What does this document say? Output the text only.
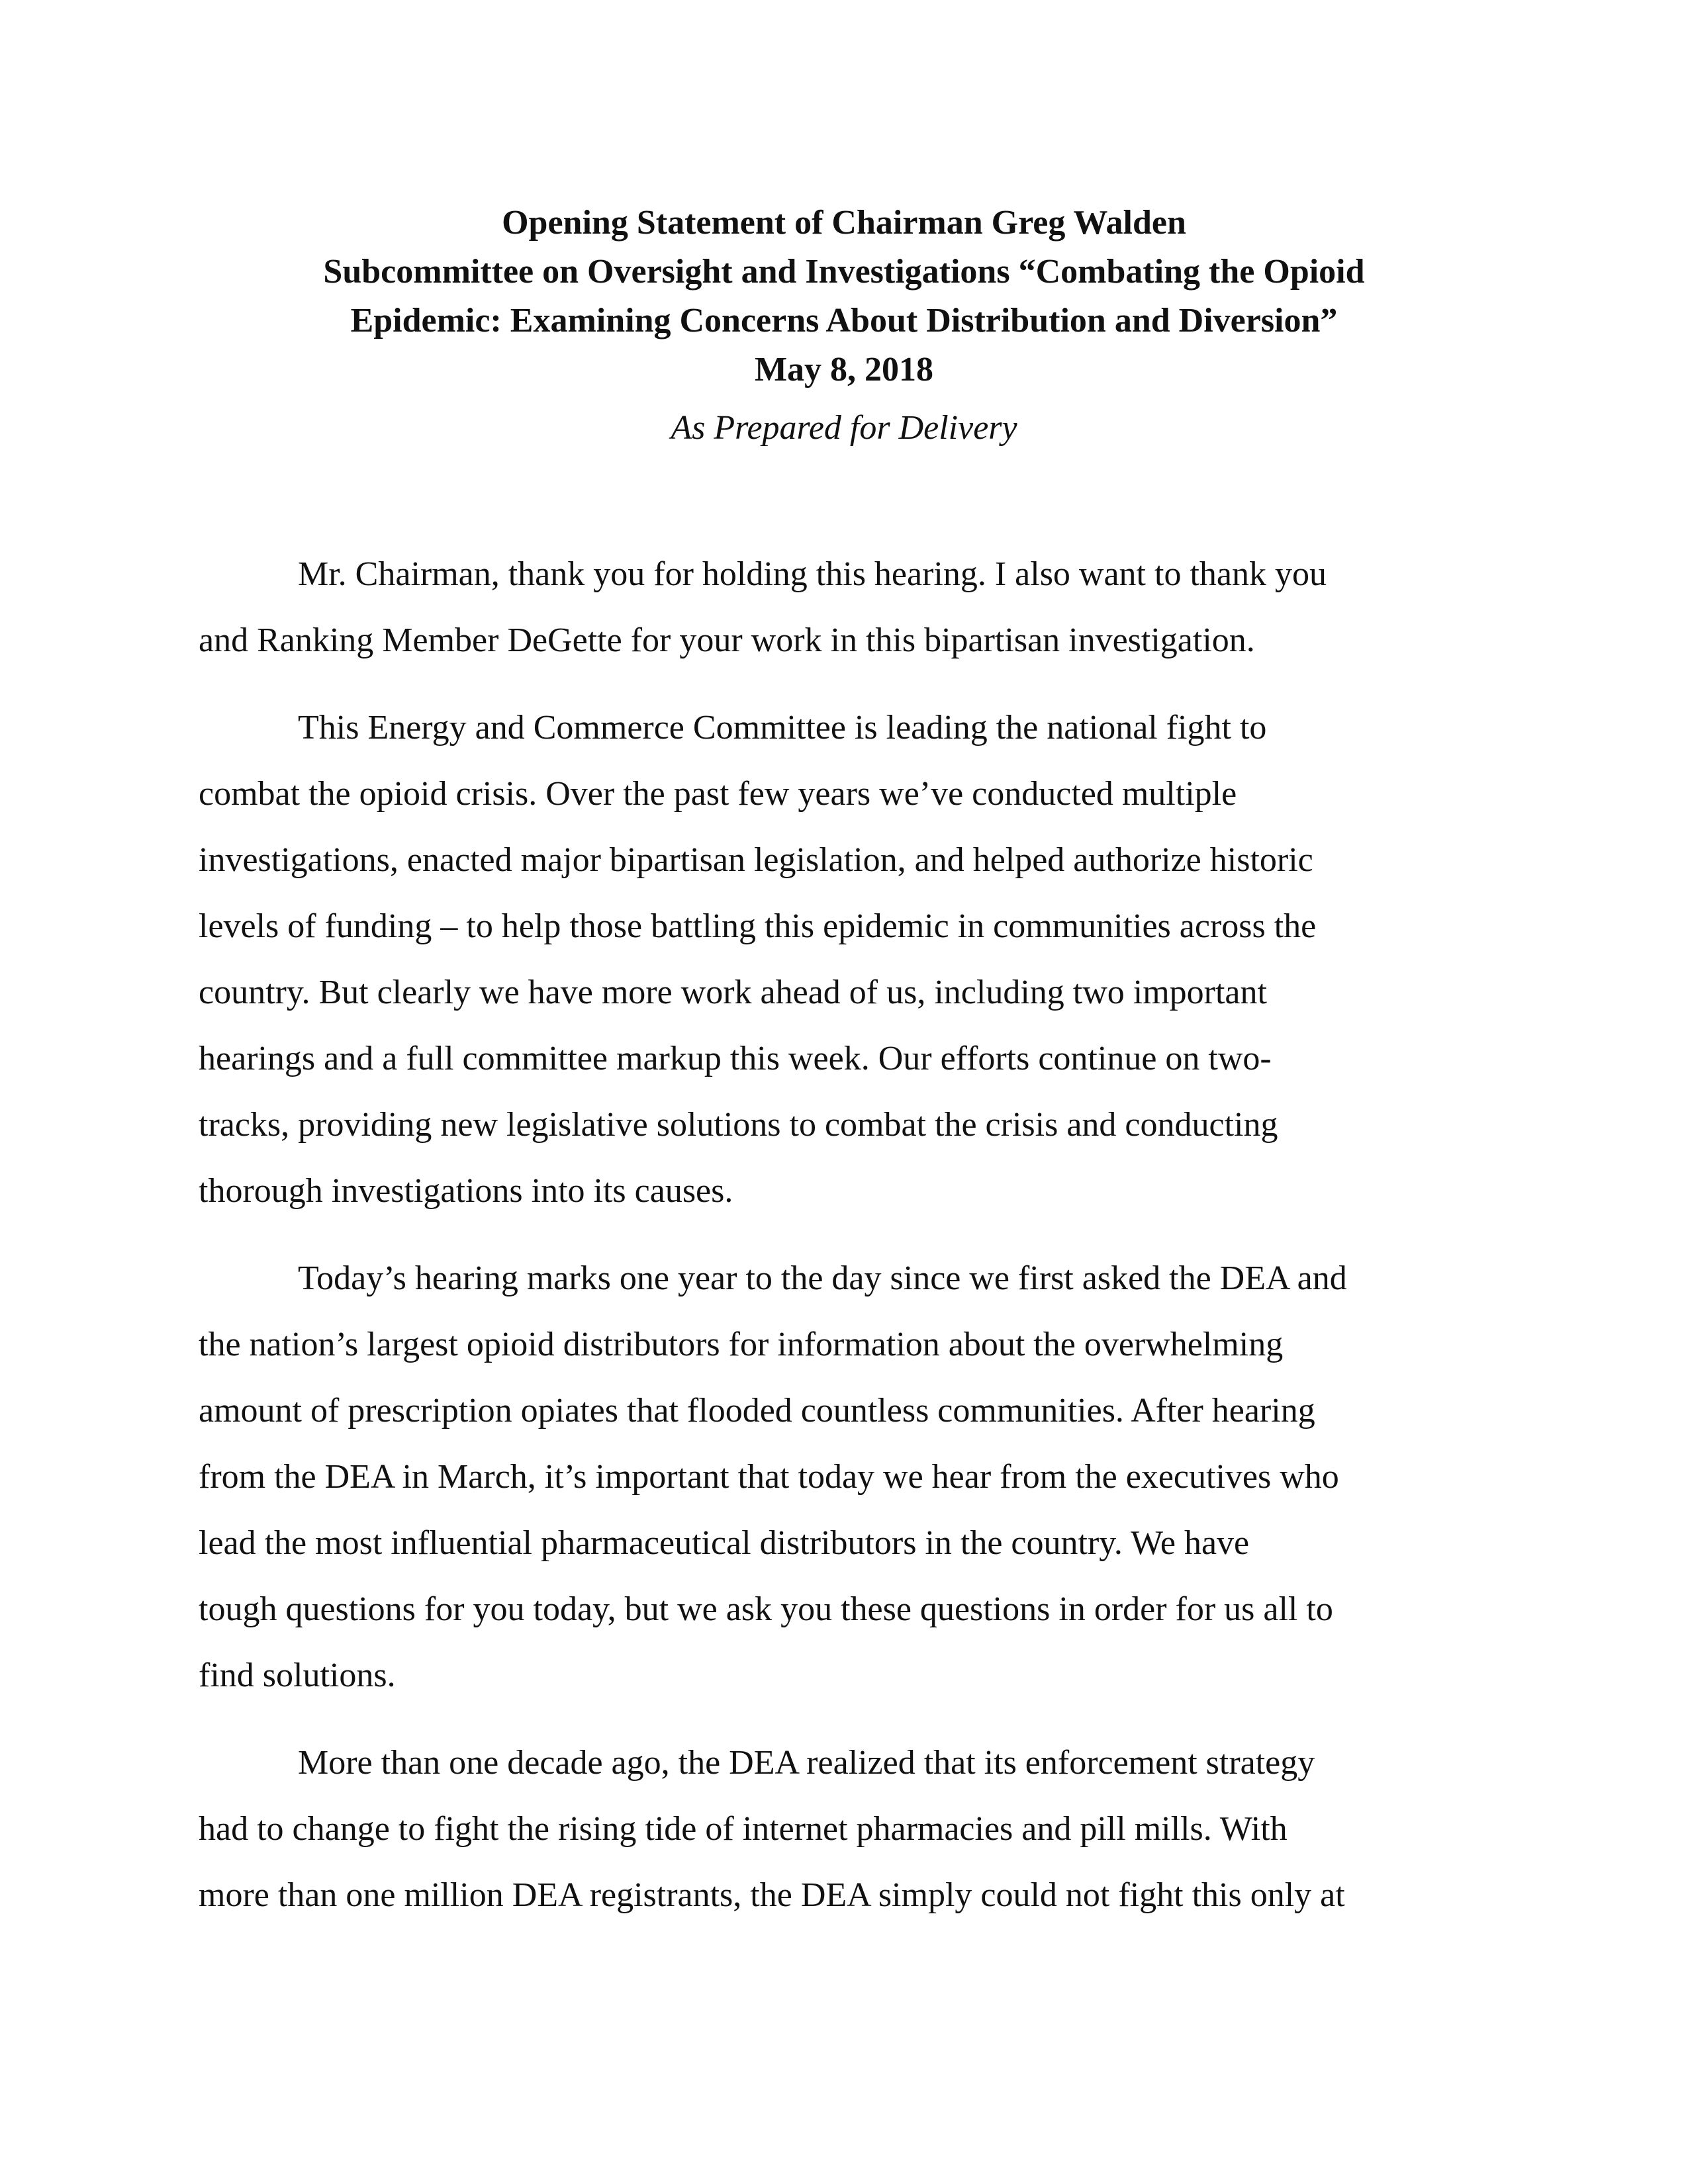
Opening Statement of Chairman Greg Walden
Subcommittee on Oversight and Investigations “Combating the Opioid
Epidemic: Examining Concerns About Distribution and Diversion”
May 8, 2018
As Prepared for Delivery

Mr. Chairman, thank you for holding this hearing. I also want to thank you
and Ranking Member DeGette for your work in this bipartisan investigation.

This Energy and Commerce Committee is leading the national fight to
combat the opioid crisis. Over the past few years we’ve conducted multiple
investigations, enacted major bipartisan legislation, and helped authorize historic
levels of funding – to help those battling this epidemic in communities across the
country. But clearly we have more work ahead of us, including two important
hearings and a full committee markup this week. Our efforts continue on two-
tracks, providing new legislative solutions to combat the crisis and conducting
thorough investigations into its causes.

Today’s hearing marks one year to the day since we first asked the DEA and
the nation’s largest opioid distributors for information about the overwhelming
amount of prescription opiates that flooded countless communities. After hearing
from the DEA in March, it’s important that today we hear from the executives who
lead the most influential pharmaceutical distributors in the country. We have
tough questions for you today, but we ask you these questions in order for us all to
find solutions.

More than one decade ago, the DEA realized that its enforcement strategy
had to change to fight the rising tide of internet pharmacies and pill mills. With
more than one million DEA registrants, the DEA simply could not fight this only at
